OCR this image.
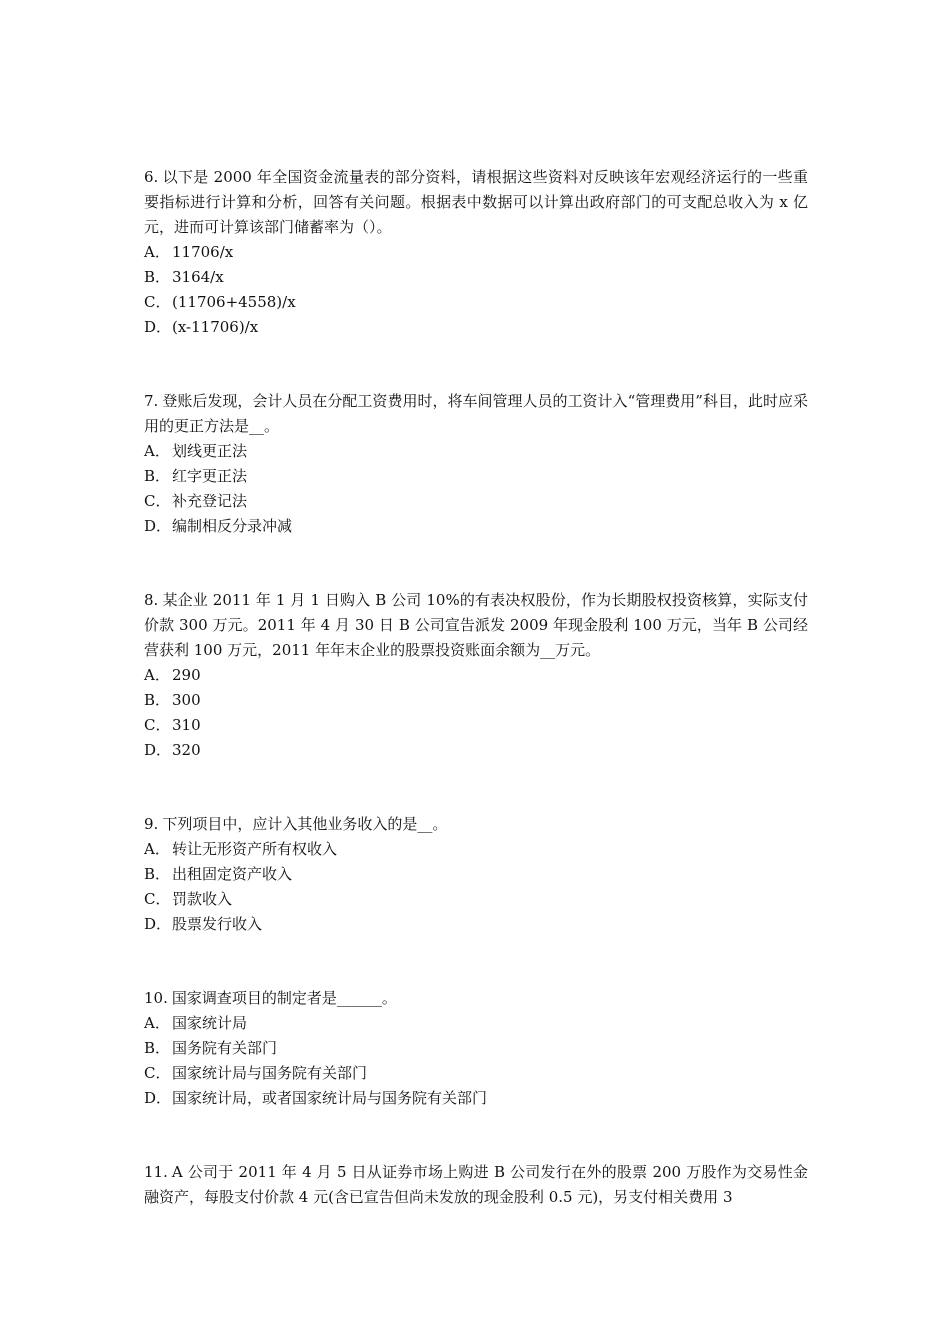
6. 以下是 2000 年全国资金流量表的部分资料，请根据这些资料对反映该年宏观经济运行的一些重要指标进行计算和分析，回答有关问题。根据表中数据可以计算出政府部门的可支配总收入为 x 亿元，进而可计算该部门储蓄率为（）。

A． 11706/x
B． 3164/x
C． (11706+4558)/x
D．(x-11706)/x

7. 登账后发现，会计人员在分配工资费用时，将车间管理人员的工资计入“管理费用”科目，此时应采用的更正方法是__。

A． 划线更正法
B． 红字更正法
C． 补充登记法
D．编制相反分录冲减

8. 某企业 2011 年 1 月 1 日购入 B 公司 10%的有表决权股份，作为长期股权投资核算，实际支付价款 300 万元。2011 年 4 月 30 日 B 公司宣告派发 2009 年现金股利 100 万元，当年 B 公司经营获利 100 万元，2011 年年末企业的股票投资账面余额为__万元。

A． 290
B． 300
C． 310
D．320

9. 下列项目中，应计入其他业务收入的是__。

A． 转让无形资产所有权收入
B． 出租固定资产收入
C． 罚款收入
D．股票发行收入

10. 国家调查项目的制定者是______。

A． 国家统计局
B． 国务院有关部门
C． 国家统计局与国务院有关部门
D．国家统计局，或者国家统计局与国务院有关部门

11. A 公司于 2011 年 4 月 5 日从证券市场上购进 B 公司发行在外的股票 200 万股作为交易性金融资产，每股支付价款 4 元(含已宣告但尚未发放的现金股利 0.5 元)，另支付相关费用 3
